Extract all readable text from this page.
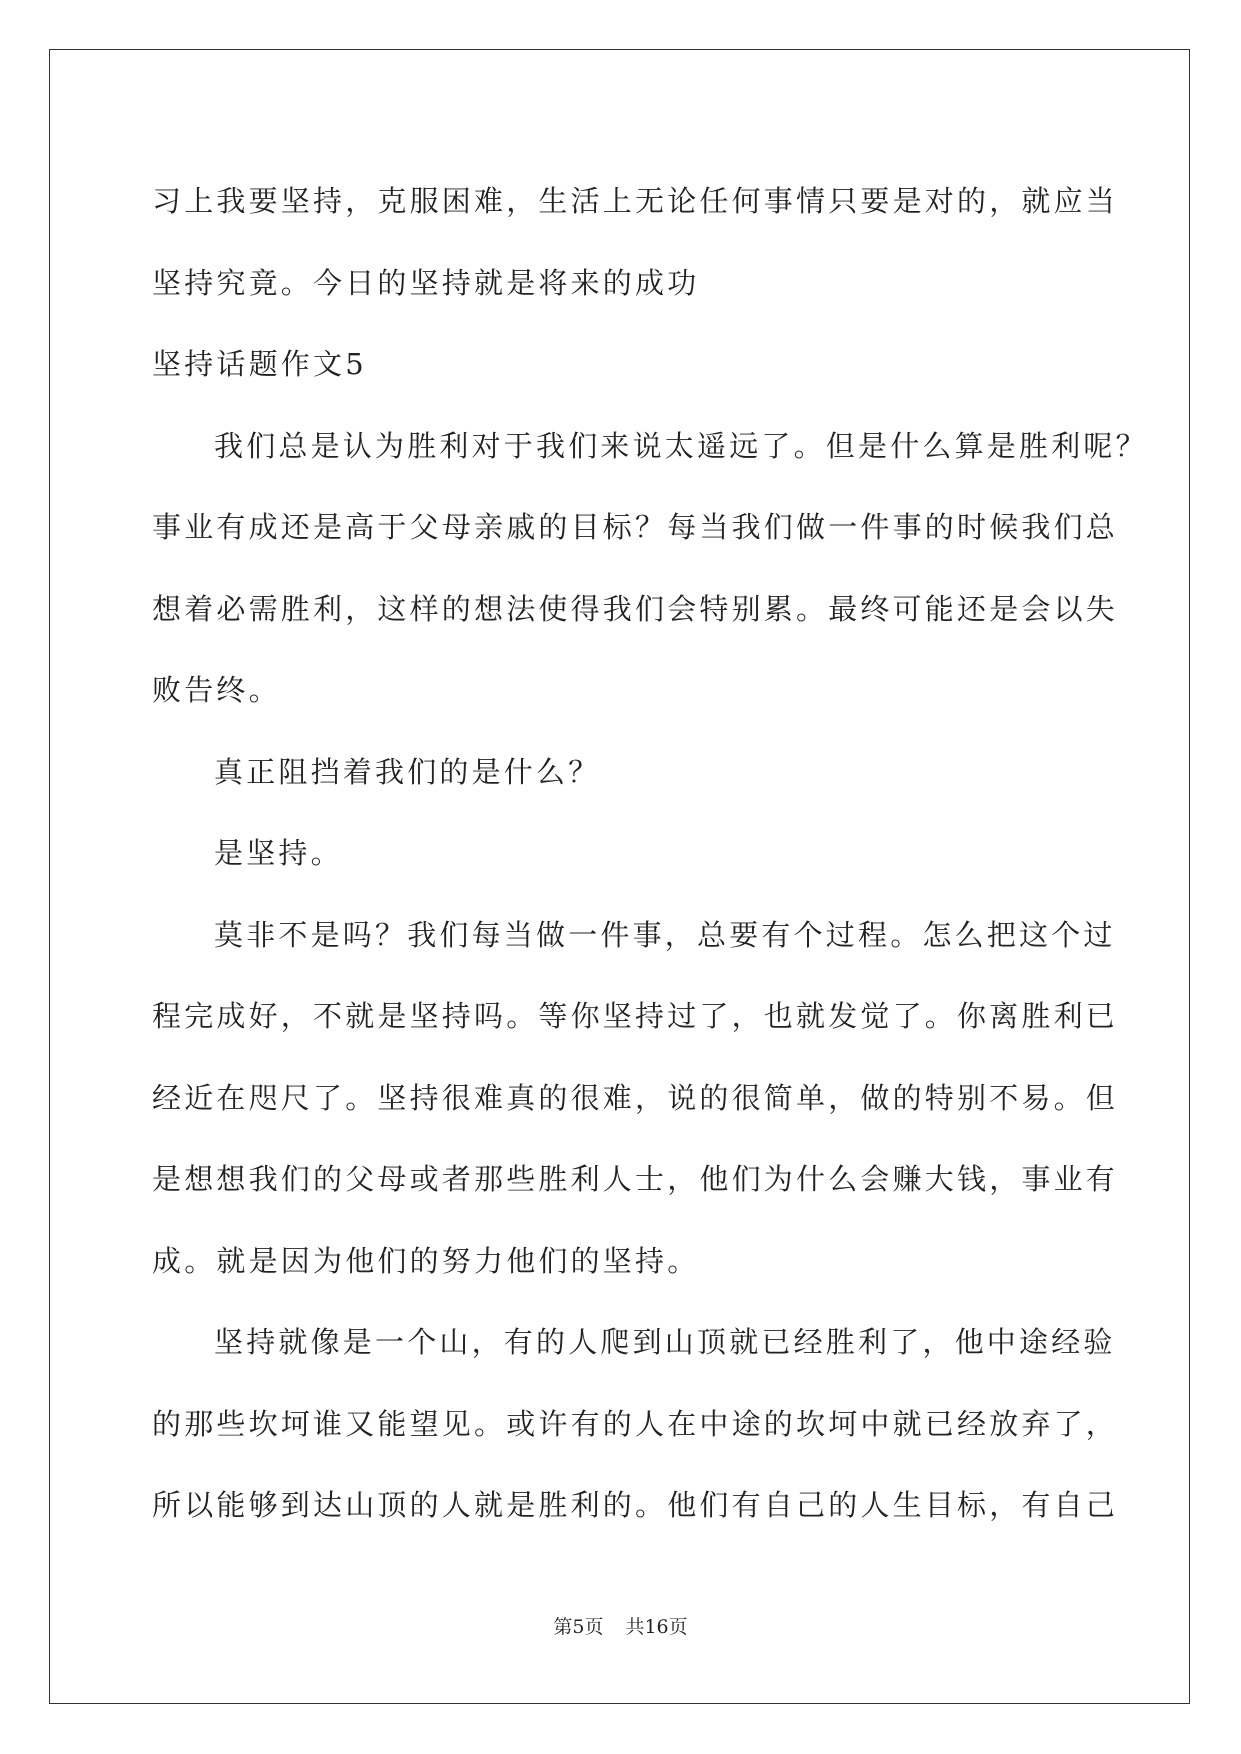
习上我要坚持，克服困难，生活上无论任何事情只要是对的，就应当
坚持究竟。今日的坚持就是将来的成功
坚持话题作文5
我们总是认为胜利对于我们来说太遥远了。但是什么算是胜利呢？
事业有成还是高于父母亲戚的目标？每当我们做一件事的时候我们总
想着必需胜利，这样的想法使得我们会特别累。最终可能还是会以失
败告终。
真正阻挡着我们的是什么？
是坚持。
莫非不是吗？我们每当做一件事，总要有个过程。怎么把这个过
程完成好，不就是坚持吗。等你坚持过了，也就发觉了。你离胜利已
经近在咫尺了。坚持很难真的很难，说的很简单，做的特别不易。但
是想想我们的父母或者那些胜利人士，他们为什么会赚大钱，事业有
成。就是因为他们的努力他们的坚持。
坚持就像是一个山，有的人爬到山顶就已经胜利了，他中途经验
的那些坎坷谁又能望见。或许有的人在中途的坎坷中就已经放弃了，
所以能够到达山顶的人就是胜利的。他们有自己的人生目标，有自己
第5页 共16页
